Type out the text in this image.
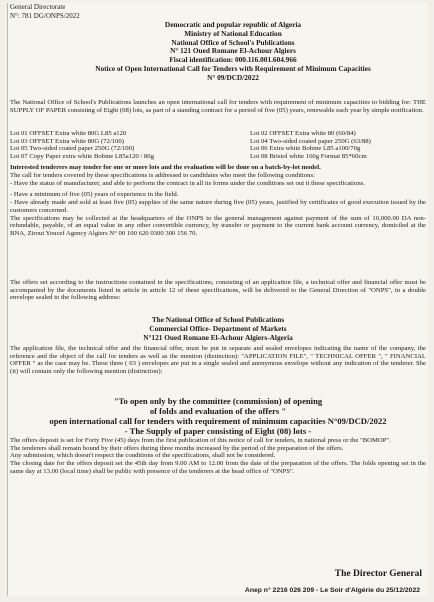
General Directorate
N°: 781 DG/ONPS/2022
Democratic and popular republic of Algeria
Ministry of National Education
National Office of School's Publications
N° 121 Oued Romane El-Achour Algiers
Fiscal identification: 000.116.001.604.966
Notice of Open International Call for Tenders with Requirement of Minimum Capacities
N° 09/DCD/2022
The National Office of School's Publications launches an open international call for tenders with requirement of minimum capacities to bidding for: THE SUPPLY OF PAPER consisting of Eight (08) lots, as part of a standing contract for a period of five (05) years, renewable each year by simple notification.
Lot 01 OFFSET Extra white 80G L85 a120	Lot 02 OFFSET Extra white 80 (60/84)
Lot 03 OFFSET Extra white 80G (72/100)	Lot 04 Two-sided coated paper 250G (63/88)
Lot 05 Two-sided coated paper 250G (72/100)	Lot 06 Extra white Bobine L85 a100/70g
Lot 07 Copy Paper extra white Bobine L85a120 / 80g	Lot 08 Bristol white 160g Format 85*60cm
Interested tenderers may tender for one or more lots and the evaluation will be done on a batch-by-lot model.

The call for tenders covered by these specifications is addressed to candidates who meet the following conditions:

- Have the status of manufacturer, and able to perform the contract in all its forms under the conditions set out it these specifications.

- Have a minimum of five (05) years of experience in the field.

- Have already made and sold at least five (05) supplies of the same nature during five (05) years, justified by certificates of good execution issued by the customers concerned.

The specifications may be collected at the headquarters of the ONPS to the general management against payment of the sum of 10,000.00 DA non-refundable, payable, of an equal value in any other convertible currency, by transfer or payment to the current bank account currency, domiciled at the BNA, Zirout Youcef Agency Algiers N° 00 100 620 0300 300 156 70.

The offers set according to the instructions contained in the specifications, consisting of an application file, a technical offer and financial offer must be accompanied by the documents listed in article in article 12 of these specifications, will be delivered to the General Direction of "ONPS", in a double envelope sealed to the following address:
The National Office of School Publications
Commercial Office- Department of Markets
N°121 Oued Romane El-Achour Algiers-Algeria
The application file, the technical offer and the financial offer, must be put in separate and sealed envelopes indicating the name of the company, the reference and the object of the call for tenders as well as the mention (distinction): "APPLICATION FILE", " TECHNICAL OFFER ", " FINANCIAL OFFER " as the case may be. These three ( 03 ) envelopes are put in a single sealed and anonymous envelope without any indication of the tenderer. She (it) will contain only the following mention (distinction):
"To open only by the committee (commission) of opening
of folds and evaluation of the offers "
open international call for tenders with requirement of minimum capacities N°09/DCD/2022
- The Supply of paper consisting of Eight (08) lots -

The offers deposit is set for Forty Five (45) days from the first publication of this notice of call for tenders, in national press or the "BOMOP".

The tenderers shall remain bound by their offers during three months increased by the period of the preparation of the offers.

Any submission, which doesn't respect the conditions of the specifications, shall not be considered.

The closing date for the offers deposit set the 45th day from 9.00 AM to 12.00 from the date of the preparation of the offers. The folds opening set in the same day at 13.00 (local time) shall be public with presence of the tenderers at the head office of "ONPS".

The Director General
Anep n° 2216 026 209 - Le Soir d'Algérie du 25/12/2022
